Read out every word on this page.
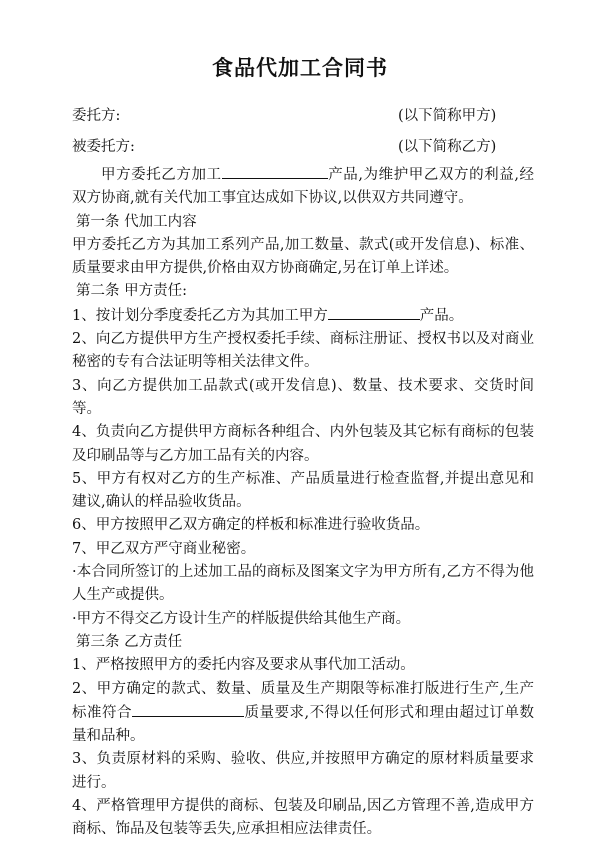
食品代加工合同书
委托方:	(以下简称甲方)
被委托方:	(以下简称乙方)

甲方委托乙方加工	产品,为维护甲乙双方的利益,经双方协商,就有关代加工事宜达成如下协议,以供双方共同遵守。

第一条 代加工内容

甲方委托乙方为其加工系列产品,加工数量、款式(或开发信息)、标准、质量要求由甲方提供,价格由双方协商确定,另在订单上详述。

第二条 甲方责任:

1、按计划分季度委托乙方为其加工甲方	产品。

2、向乙方提供甲方生产授权委托手续、商标注册证、授权书以及对商业秘密的专有合法证明等相关法律文件。

3、向乙方提供加工品款式(或开发信息)、数量、技术要求、交货时间等。

4、负责向乙方提供甲方商标各种组合、内外包装及其它标有商标的包装及印刷品等与乙方加工品有关的内容。

5、甲方有权对乙方的生产标准、产品质量进行检查监督,并提出意见和建议,确认的样品验收货品。

6、甲方按照甲乙双方确定的样板和标准进行验收货品。

7、甲乙双方严守商业秘密。

·本合同所签订的上述加工品的商标及图案文字为甲方所有,乙方不得为他人生产或提供。

·甲方不得交乙方设计生产的样版提供给其他生产商。

第三条 乙方责任

1、严格按照甲方的委托内容及要求从事代加工活动。

2、甲方确定的款式、数量、质量及生产期限等标准打版进行生产,生产标准符合	质量要求,不得以任何形式和理由超过订单数量和品种。

3、负责原材料的采购、验收、供应,并按照甲方确定的原材料质量要求进行。

4、严格管理甲方提供的商标、包装及印刷品,因乙方管理不善,造成甲方商标、饰品及包装等丢失,应承担相应法律责任。
